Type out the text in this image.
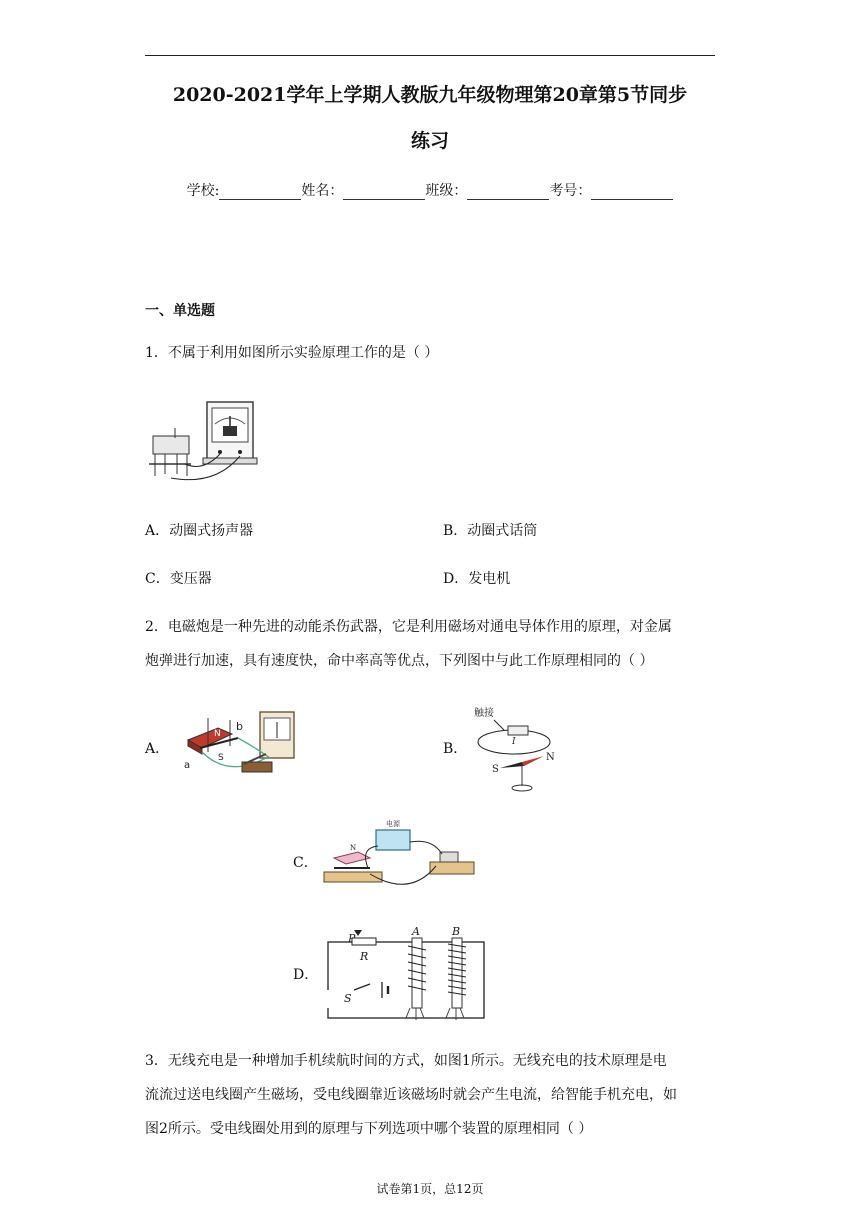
2020-2021学年上学期人教版九年级物理第20章第5节同步
练习
学校:	姓名：	班级：	考号：
一、单选题
1．不属于利用如图所示实验原理工作的是（ ）
A．动圈式扬声器	B．动圈式话筒
C．变压器	D．发电机
2．电磁炮是一种先进的动能杀伤武器，它是利用磁场对通电导体作用的原理，对金属
炮弹进行加速，具有速度快，命中率高等优点，下列图中与此工作原理相同的（ ）
A．
N
S
a
b
B．
触接
I
S
N
C．
电源
N
D．
P
R
S
A	B
3．无线充电是一种增加手机续航时间的方式，如图1所示。无线充电的技术原理是电
流流过送电线圈产生磁场，受电线圈靠近该磁场时就会产生电流，给智能手机充电，如
图2所示。受电线圈处用到的原理与下列选项中哪个装置的原理相同（ ）
试卷第1页，总12页
